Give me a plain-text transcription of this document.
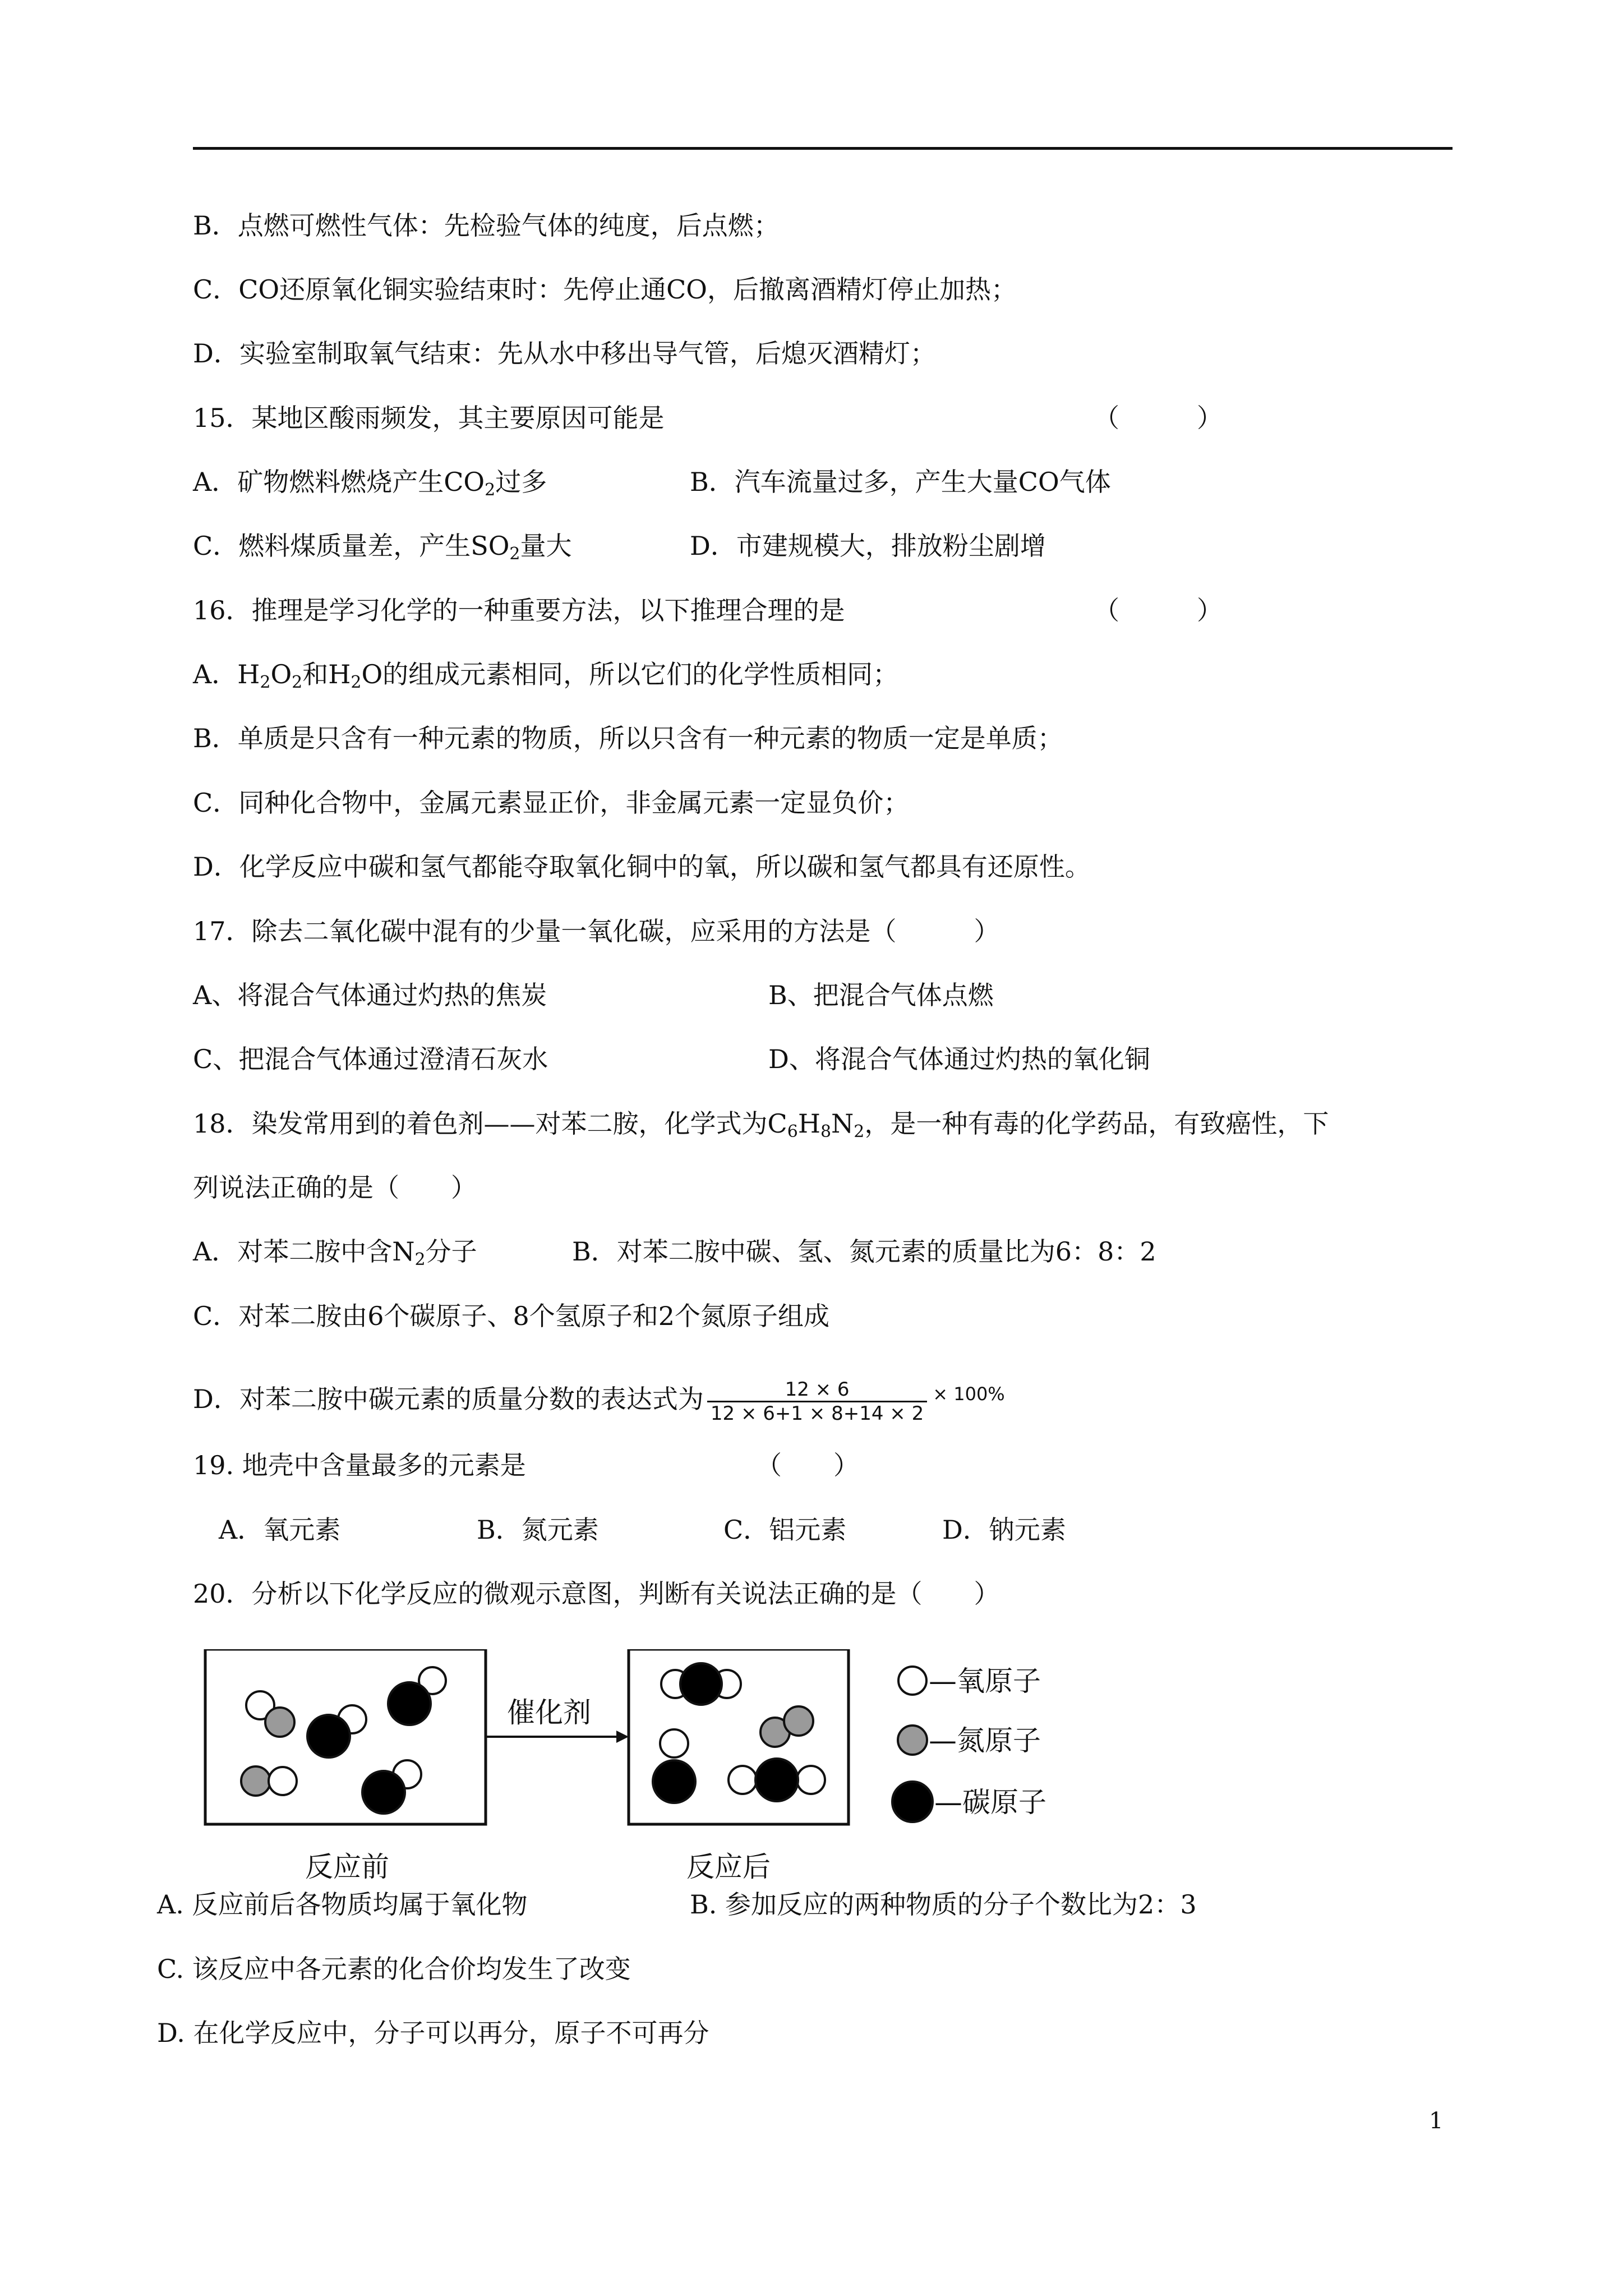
B．点燃可燃性气体：先检验气体的纯度，后点燃；
C．CO还原氧化铜实验结束时：先停止通CO，后撤离酒精灯停止加热；
D．实验室制取氧气结束：先从水中移出导气管，后熄灭酒精灯；
15．某地区酸雨频发，其主要原因可能是	（　　　）
A．矿物燃料燃烧产生$CO_2$过多	B．汽车流量过多，产生大量CO气体
C．燃料煤质量差，产生$SO_2$量大	D．市建规模大，排放粉尘剧增
16．推理是学习化学的一种重要方法，以下推理合理的是	（　　　）
A．$H_2O_2$和$H_2O$的组成元素相同，所以它们的化学性质相同；
B．单质是只含有一种元素的物质，所以只含有一种元素的物质一定是单质；
C．同种化合物中，金属元素显正价，非金属元素一定显负价；
D．化学反应中碳和氢气都能夺取氧化铜中的氧，所以碳和氢气都具有还原性。
17．除去二氧化碳中混有的少量一氧化碳，应采用的方法是（　　　）
A、将混合气体通过灼热的焦炭	B、把混合气体点燃
C、把混合气体通过澄清石灰水	D、将混合气体通过灼热的氧化铜
18．染发常用到的着色剂——对苯二胺，化学式为$C_6H_8N_2$，是一种有毒的化学药品，有致癌性，下
列说法正确的是（　　）
A．对苯二胺中含$N_2$分子	B．对苯二胺中碳、氢、氮元素的质量比为6：8：2
C．对苯二胺由6个碳原子、8个氢原子和2个氮原子组成
D．对苯二胺中碳元素的质量分数的表达式为 $\frac{12 \times 6}{12 \times 6+1 \times 8+14 \times 2} ^{\times 100\%}$
19. 地壳中含量最多的元素是	（　　）
A．氧元素	B．氮元素	C．铝元素	D．钠元素
20．分析以下化学反应的微观示意图，判断有关说法正确的是（　　）
催化剂
反应前	反应后
—氧原子
—氮原子
—碳原子
A. 反应前后各物质均属于氧化物	B. 参加反应的两种物质的分子个数比为2：3
C. 该反应中各元素的化合价均发生了改变
D. 在化学反应中，分子可以再分，原子不可再分
1
